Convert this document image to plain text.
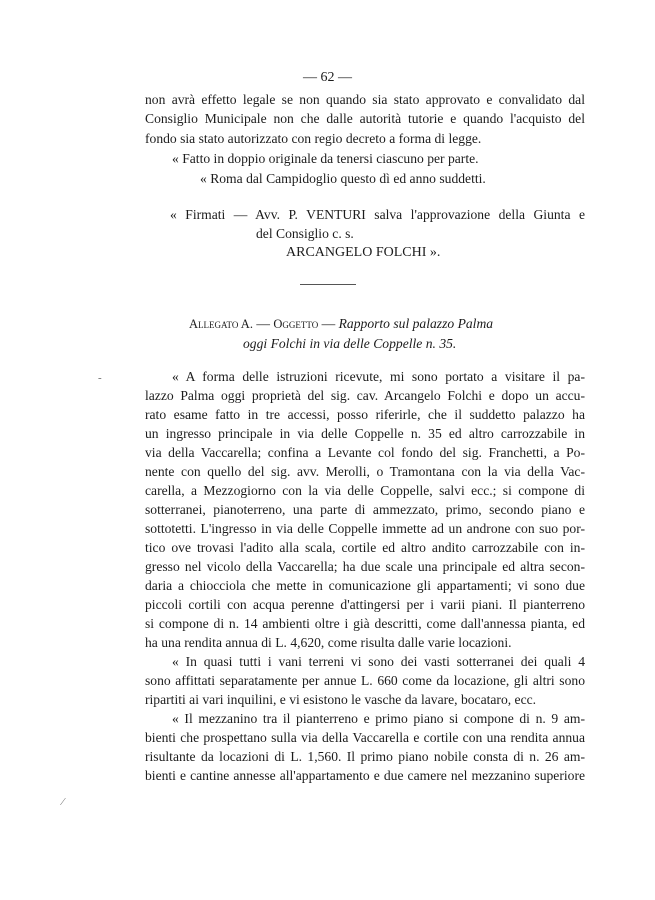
— 62 —
non avrà effetto legale se non quando sia stato approvato e convalidato dal
Consiglio Municipale non che dalle autorità tutorie e quando l'acquisto del
fondo sia stato autorizzato con regio decreto a forma di legge.
« Fatto in doppio originale da tenersi ciascuno per parte.
« Roma dal Campidoglio questo dì ed anno suddetti.
« Firmati — Avv. P. VENTURI salva l'approvazione della Giunta e
del Consiglio c. s.
ARCANGELO FOLCHI ».
Allegato A. — Oggetto — Rapporto sul palazzo Palma
oggi Folchi in via delle Coppelle n. 35.
« A forma delle istruzioni ricevute, mi sono portato a visitare il pa-
lazzo Palma oggi proprietà del sig. cav. Arcangelo Folchi e dopo un accu-
rato esame fatto in tre accessi, posso riferirle, che il suddetto palazzo ha
un ingresso principale in via delle Coppelle n. 35 ed altro carrozzabile in
via della Vaccarella; confina a Levante col fondo del sig. Franchetti, a Po-
nente con quello del sig. avv. Merolli, o Tramontana con la via della Vac-
carella, a Mezzogiorno con la via delle Coppelle, salvi ecc.; si compone di
sotterranei, pianoterreno, una parte di ammezzato, primo, secondo piano e
sottotetti. L'ingresso in via delle Coppelle immette ad un androne con suo por-
tico ove trovasi l'adito alla scala, cortile ed altro andito carrozzabile con in-
gresso nel vicolo della Vaccarella; ha due scale una principale ed altra secon-
daria a chiocciola che mette in comunicazione gli appartamenti; vi sono due
piccoli cortili con acqua perenne d'attingersi per i varii piani. Il pianterreno
si compone di n. 14 ambienti oltre i già descritti, come dall'annessa pianta, ed
ha una rendita annua di L. 4,620, come risulta dalle varie locazioni.
« In quasi tutti i vani terreni vi sono dei vasti sotterranei dei quali 4
sono affittati separatamente per annue L. 660 come da locazione, gli altri sono
ripartiti ai vari inquilini, e vi esistono le vasche da lavare, bocataro, ecc.
« Il mezzanino tra il pianterreno e primo piano si compone di n. 9 am-
bienti che prospettano sulla via della Vaccarella e cortile con una rendita annua
risultante da locazioni di L. 1,560. Il primo piano nobile consta di n. 26 am-
bienti e cantine annesse all'appartamento e due camere nel mezzanino superiore
‐
⁄
